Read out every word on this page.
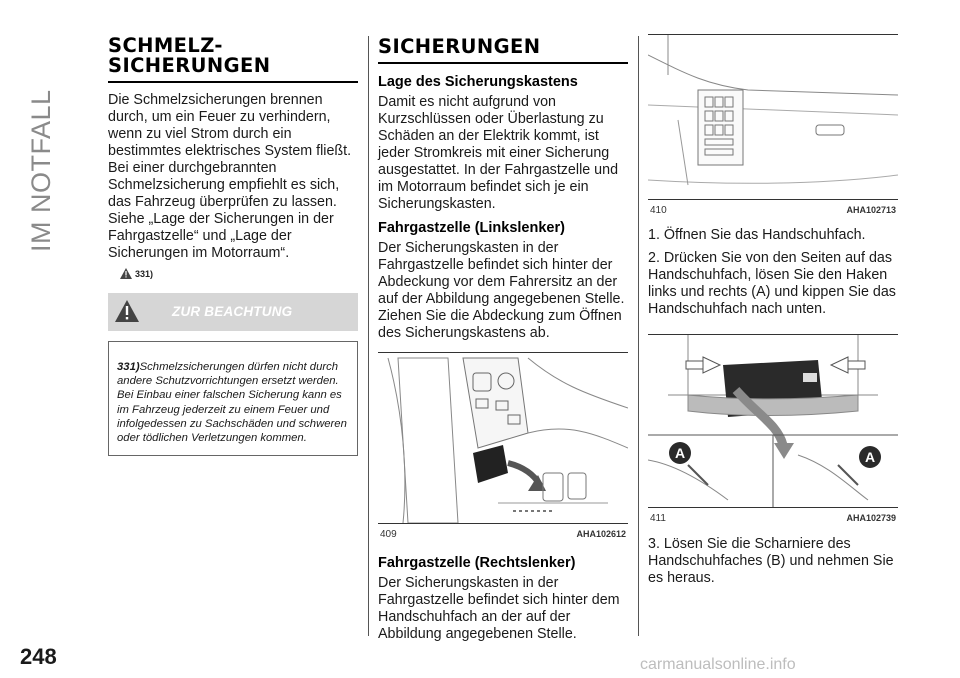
IM NOTFALL
248	carmanualsonline.info
SCHMELZ-
SICHERUNGEN

Die Schmelzsicherungen brennen durch, um ein Feuer zu verhindern, wenn zu viel Strom durch ein bestimmtes elektrisches System fließt. Bei einer durchgebrannten Schmelzsicherung empfiehlt es sich, das Fahrzeug überprüfen zu lassen. Siehe „Lage der Sicherungen in der Fahrgastzelle“ und „Lage der Sicherungen im Motorraum“.

331)
ZUR BEACHTUNG

331)Schmelzsicherungen dürfen nicht durch andere Schutzvorrichtungen ersetzt werden. Bei Einbau einer falschen Sicherung kann es im Fahrzeug jederzeit zu einem Feuer und infolgedessen zu Sachschäden und schweren oder tödlichen Verletzungen kommen.

SICHERUNGEN
Lage des Sicherungskastens

Damit es nicht aufgrund von Kurzschlüssen oder Überlastung zu Schäden an der Elektrik kommt, ist jeder Stromkreis mit einer Sicherung ausgestattet. In der Fahrgastzelle und im Motorraum befindet sich je ein Sicherungskasten.

Fahrgastzelle (Linkslenker)

Der Sicherungskasten in der Fahrgastzelle befindet sich hinter der Abdeckung vor dem Fahrersitz an der auf der Abbildung angegebenen Stelle. Ziehen Sie die Abdeckung zum Öffnen des Sicherungskastens ab.

409	AHA102612
Fahrgastzelle (Rechtslenker)

Der Sicherungskasten in der Fahrgastzelle befindet sich hinter dem Handschuhfach an der auf der Abbildung angegebenen Stelle.

410	AHA102713

1. Öffnen Sie das Handschuhfach.

2. Drücken Sie von den Seiten auf das Handschuhfach, lösen Sie den Haken links und rechts (A) und kippen Sie das Handschuhfach nach unten.

A	A
411	AHA102739

3. Lösen Sie die Scharniere des Handschuhfaches (B) und nehmen Sie es heraus.
